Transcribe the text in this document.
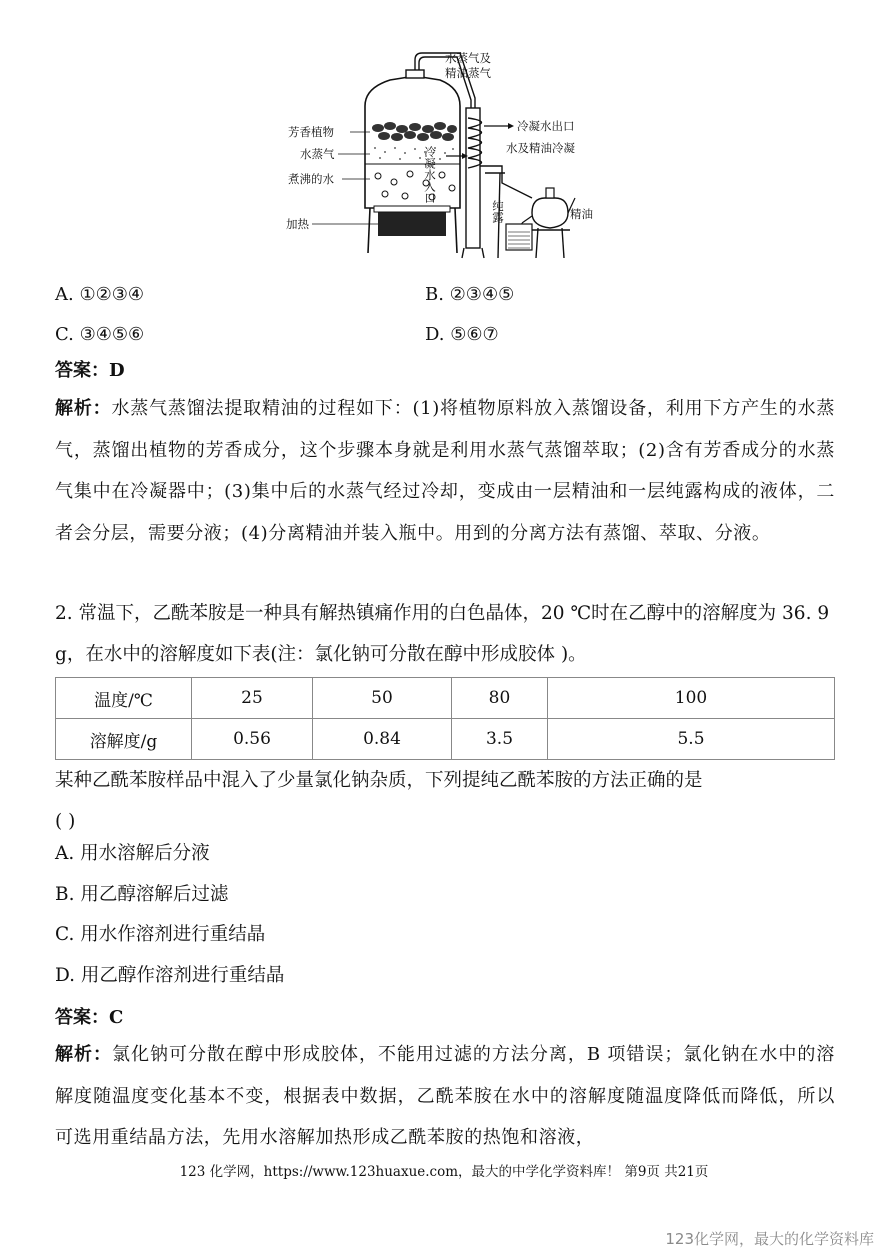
水蒸气及
精油蒸气
芳香植物
水蒸气
煮沸的水
加热
冷凝水出口
水及精油冷凝
冷凝水入口
纯露	精油
A. ①②③④	B. ②③④⑤
C. ③④⑤⑥	D. ⑤⑥⑦
答案：D
解析：水蒸气蒸馏法提取精油的过程如下：(1)将植物原料放入蒸馏设备，利用下方产生的水蒸气，蒸馏出植物的芳香成分，这个步骤本身就是利用水蒸气蒸馏萃取；(2)含有芳香成分的水蒸气集中在冷凝器中；(3)集中后的水蒸气经过冷却，变成由一层精油和一层纯露构成的液体，二者会分层，需要分液；(4)分离精油并装入瓶中。用到的分离方法有蒸馏、萃取、分液。
2. 常温下，乙酰苯胺是一种具有解热镇痛作用的白色晶体，20 ℃时在乙醇中的溶解度为 36. 9 g，在水中的溶解度如下表(注：氯化钠可分散在醇中形成胶体 )。
温度/℃	25	50	80	100
溶解度/g	0.56	0.84	3.5	5.5
某种乙酰苯胺样品中混入了少量氯化钠杂质，下列提纯乙酰苯胺的方法正确的是
( )
A. 用水溶解后分液
B. 用乙醇溶解后过滤
C. 用水作溶剂进行重结晶
D. 用乙醇作溶剂进行重结晶
答案：C
解析：氯化钠可分散在醇中形成胶体，不能用过滤的方法分离，B 项错误；氯化钠在水中的溶解度随温度变化基本不变，根据表中数据，乙酰苯胺在水中的溶解度随温度降低而降低，所以可选用重结晶方法，先用水溶解加热形成乙酰苯胺的热饱和溶液，
123 化学网，https://www.123huaxue.com，最大的中学化学资料库！ 第9页 共21页
123化学网，最大的化学资料库
